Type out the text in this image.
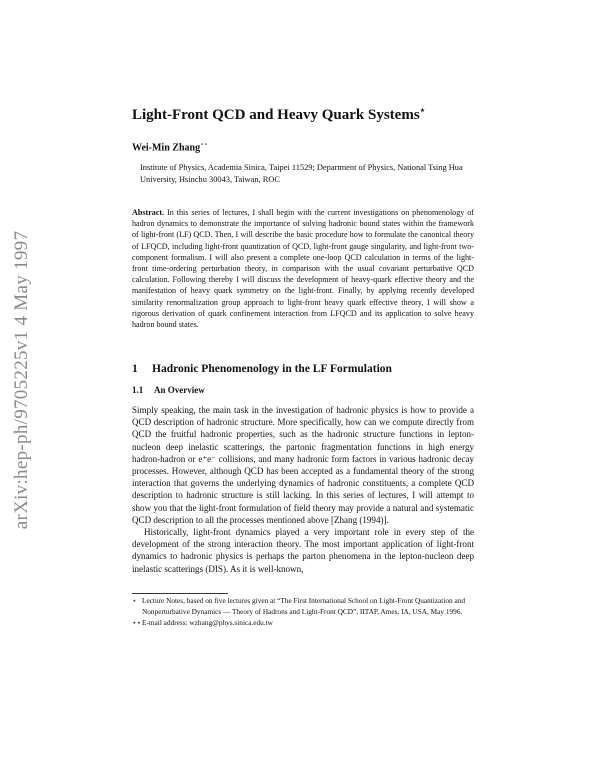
arXiv:hep-ph/9705225v1 4 May 1997
Light-Front QCD and Heavy Quark Systems⋆
Wei-Min Zhang⋆⋆
Institute of Physics, Academia Sinica, Taipei 11529; Department of Physics, National Tsing Hua University, Hsinchu 30043, Taiwan, ROC
Abstract. In this series of lectures, I shall begin with the current investigations on phenomenology of hadron dynamics to demonstrate the importance of solving hadronic bound states within the framework of light-front (LF) QCD. Then, I will describe the basic procedure how to formulate the canonical theory of LFQCD, including light-front quantization of QCD, light-front gauge singularity, and light-front two-component formalism. I will also present a complete one-loop QCD calculation in terms of the light-front time-ordering perturbation theory, in comparison with the usual covariant perturbative QCD calculation. Following thereby I will discuss the development of heavy-quark effective theory and the manifestation of heavy quark symmetry on the light-front. Finally, by applying recently developed similarity renormalization group approach to light-front heavy quark effective theory, I will show a rigorous derivation of quark confinement interaction from LFQCD and its application to solve heavy hadron bound states.
1 Hadronic Phenomenology in the LF Formulation
1.1 An Overview

Simply speaking, the main task in the investigation of hadronic physics is how to provide a QCD description of hadronic structure. More specifically, how can we compute directly from QCD the fruitful hadronic properties, such as the hadronic structure functions in lepton-nucleon deep inelastic scatterings, the partonic fragmentation functions in high energy hadron-hadron or e⁺e⁻ collisions, and many hadronic form factors in various hadronic decay processes. However, although QCD has been accepted as a fundamental theory of the strong interaction that governs the underlying dynamics of hadronic constituents, a complete QCD description to hadronic structure is still lacking. In this series of lectures, I will attempt to show you that the light-front formulation of field theory may provide a natural and systematic QCD description to all the processes mentioned above [Zhang (1994)].

Historically, light-front dynamics played a very important role in every step of the development of the strong interaction theory. The most important application of light-front dynamics to hadronic physics is perhaps the parton phenomena in the lepton-nucleon deep inelastic scatterings (DIS). As it is well-known,

⋆ Lecture Notes, based on five lectures given at “The First International School on Light-Front Quantization and Nonperturbative Dynamics — Theory of Hadrons and Light-Front QCD”, IITAP, Ames, IA, USA, May 1996.
⋆⋆ E-mail address: wzhang@phys.sinica.edu.tw
